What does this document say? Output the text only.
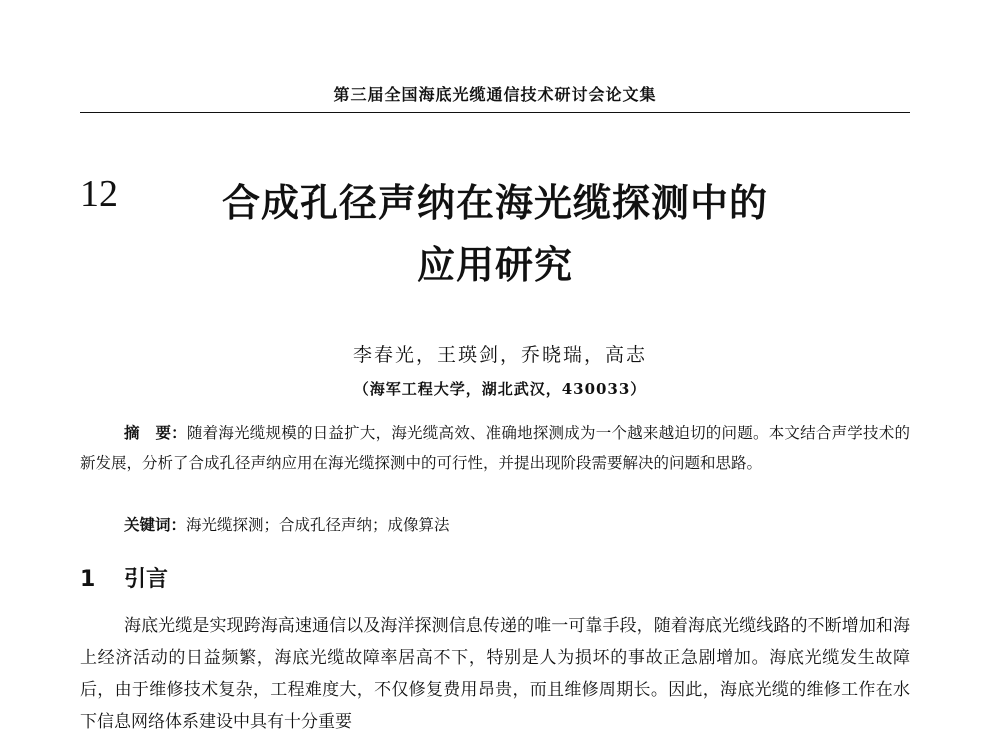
第三届全国海底光缆通信技术研讨会论文集
12	合成孔径声纳在海光缆探测中的
应用研究
李春光，王瑛剑，乔晓瑞，高志
（海军工程大学，湖北武汉，430033）
摘　要：随着海光缆规模的日益扩大，海光缆高效、准确地探测成为一个越来越迫切的问题。本文结合声学技术的新发展，分析了合成孔径声纳应用在海光缆探测中的可行性，并提出现阶段需要解决的问题和思路。
关键词：海光缆探测；合成孔径声纳；成像算法
1 引言
海底光缆是实现跨海高速通信以及海洋探测信息传递的唯一可靠手段，随着海底光缆线路的不断增加和海上经济活动的日益频繁，海底光缆故障率居高不下，特别是人为损坏的事故正急剧增加。海底光缆发生故障后，由于维修技术复杂，工程难度大，不仅修复费用昂贵，而且维修周期长。因此，海底光缆的维修工作在水下信息网络体系建设中具有十分重要
